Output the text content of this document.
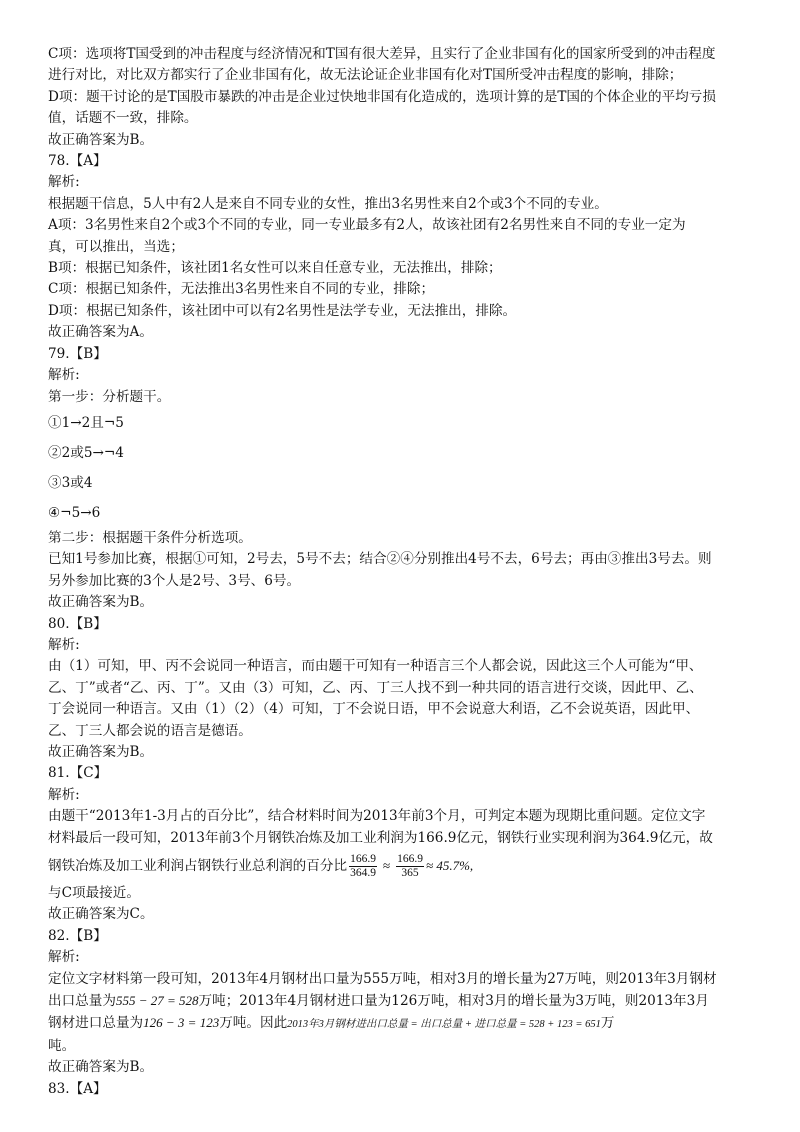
C项：选项将T国受到的冲击程度与经济情况和T国有很大差异，且实行了企业非国有化的国家所受到的冲击程度
进行对比，对比双方都实行了企业非国有化，故无法论证企业非国有化对T国所受冲击程度的影响，排除；
D项：题干讨论的是T国股市暴跌的冲击是企业过快地非国有化造成的，选项计算的是T国的个体企业的平均亏损
值，话题不一致，排除。
故正确答案为B。
78.【A】
解析:
根据题干信息，5人中有2人是来自不同专业的女性，推出3名男性来自2个或3个不同的专业。
A项：3名男性来自2个或3个不同的专业，同一专业最多有2人，故该社团有2名男性来自不同的专业一定为
真，可以推出，当选；
B项：根据已知条件，该社团1名女性可以来自任意专业，无法推出，排除；
C项：根据已知条件，无法推出3名男性来自不同的专业，排除；
D项：根据已知条件，该社团中可以有2名男性是法学专业，无法推出，排除。
故正确答案为A。
79.【B】
解析:
第一步：分析题干。
①1→2且¬5
②2或5→¬4
③3或4
④¬5→6
第二步：根据题干条件分析选项。
已知1号参加比赛，根据①可知，2号去，5号不去；结合②④分别推出4号不去，6号去；再由③推出3号去。则
另外参加比赛的3个人是2号、3号、6号。
故正确答案为B。
80.【B】
解析:
由（1）可知，甲、丙不会说同一种语言，而由题干可知有一种语言三个人都会说，因此这三个人可能为“甲、
乙、丁”或者“乙、丙、丁”。又由（3）可知，乙、丙、丁三人找不到一种共同的语言进行交谈，因此甲、乙、
丁会说同一种语言。又由（1）（2）（4）可知，丁不会说日语，甲不会说意大利语，乙不会说英语，因此甲、
乙、丁三人都会说的语言是德语。
故正确答案为B。
81.【C】
解析:
由题干“2013年1-3月占的百分比”，结合材料时间为2013年前3个月，可判定本题为现期比重问题。定位文字
材料最后一段可知，2013年前3个月钢铁冶炼及加工业利润为166.9亿元，钢铁行业实现利润为364.9亿元，故
钢铁冶炼及加工业利润占钢铁行业总利润的百分比 $\frac{166.9}{364.9} \approx \frac{166.9}{365} \approx 45.7\%$,
与C项最接近。
故正确答案为C。
82.【B】
解析:
定位文字材料第一段可知，2013年4月钢材出口量为555万吨，相对3月的增长量为27万吨，则2013年3月钢材
出口总量为555 − 27 = 528万吨；2013年4月钢材进口量为126万吨，相对3月的增长量为3万吨，则2013年3月
钢材进口总量为126 − 3 = 123万吨。因此2013年3月钢材进出口总量 = 出口总量 + 进口总量 = 528 + 123 = 651万
吨。
故正确答案为B。
83.【A】
